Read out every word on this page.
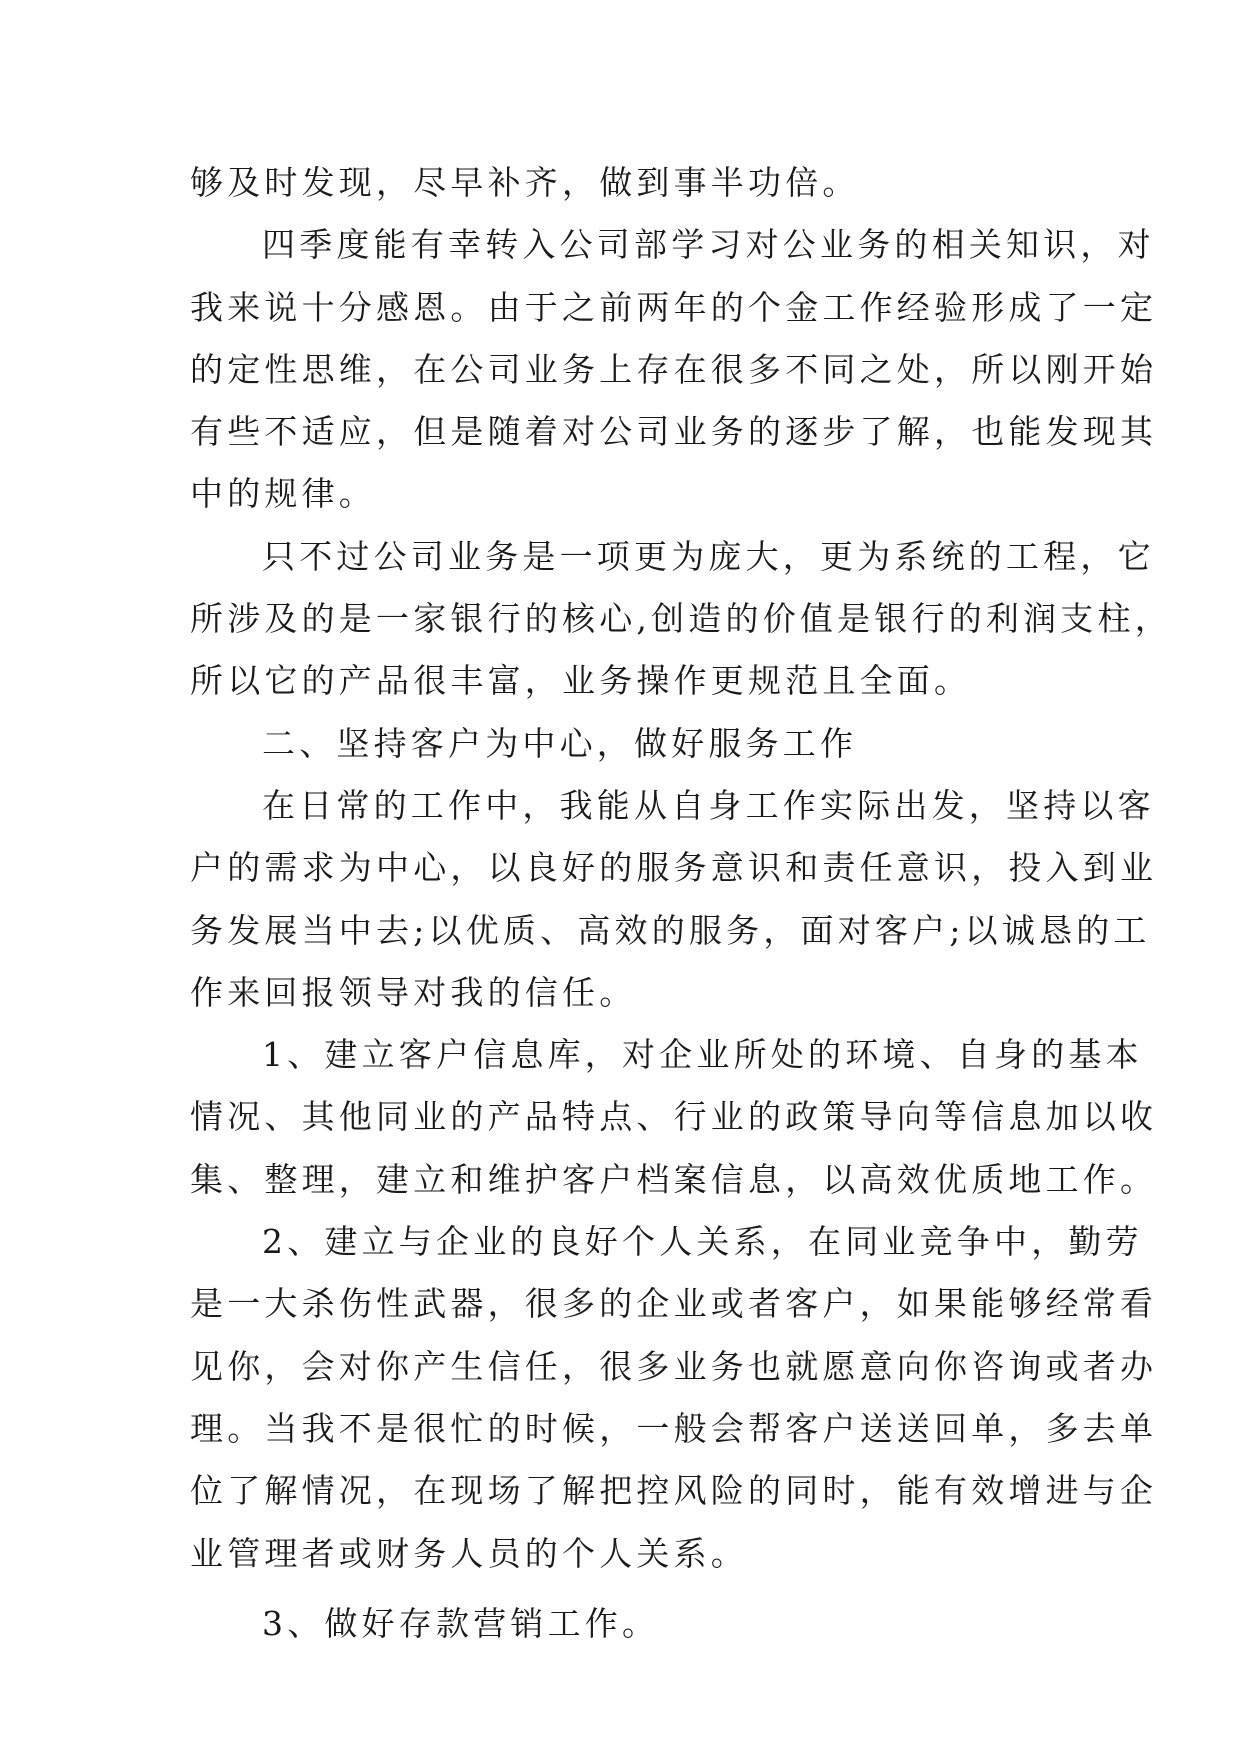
够及时发现，尽早补齐，做到事半功倍。
四季度能有幸转入公司部学习对公业务的相关知识，对
我来说十分感恩。由于之前两年的个金工作经验形成了一定
的定性思维，在公司业务上存在很多不同之处，所以刚开始
有些不适应，但是随着对公司业务的逐步了解，也能发现其
中的规律。
只不过公司业务是一项更为庞大，更为系统的工程，它
所涉及的是一家银行的核心,创造的价值是银行的利润支柱，
所以它的产品很丰富，业务操作更规范且全面。
二、坚持客户为中心，做好服务工作
在日常的工作中，我能从自身工作实际出发，坚持以客
户的需求为中心，以良好的服务意识和责任意识，投入到业
务发展当中去;以优质、高效的服务，面对客户;以诚恳的工
作来回报领导对我的信任。
1、建立客户信息库，对企业所处的环境、自身的基本
情况、其他同业的产品特点、行业的政策导向等信息加以收
集、整理，建立和维护客户档案信息，以高效优质地工作。
2、建立与企业的良好个人关系，在同业竞争中，勤劳
是一大杀伤性武器，很多的企业或者客户，如果能够经常看
见你，会对你产生信任，很多业务也就愿意向你咨询或者办
理。当我不是很忙的时候，一般会帮客户送送回单，多去单
位了解情况，在现场了解把控风险的同时，能有效增进与企
业管理者或财务人员的个人关系。
3、做好存款营销工作。
